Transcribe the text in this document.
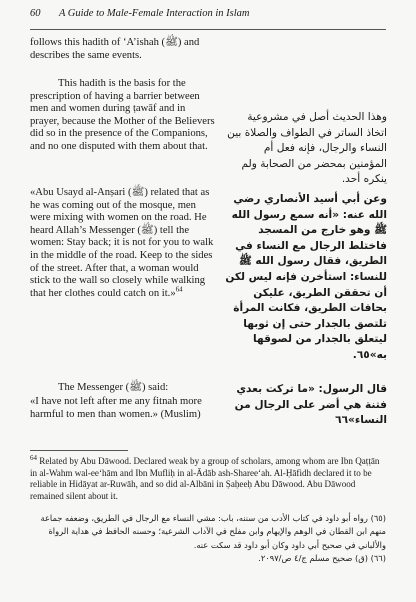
60 A Guide to Male-Female Interaction in Islam

follows this hadith of ‘A’ishah (ﷺ) and describes the same events.

This hadith is the basis for the prescription of having a barrier between men and women during ṭawāf and in prayer, because the Mother of the Believers did so in the presence of the Companions, and no one disputed with them about that.

«Abu Usayd al-Anṣari (ﷺ) related that as he was coming out of the mosque, men were mixing with women on the road. He heard Allah’s Messenger (ﷺ) tell the women: Stay back; it is not for you to walk in the middle of the road. Keep to the sides of the street. After that, a woman would stick to the wall so closely while walking that her clothes could catch on it.»$^{64}$

The Messenger (ﷺ) said:

«I have not left after me any fitnah more harmful to men than women.» (Muslim)

وهذا الحديث أصل في مشروعية اتخاذ الساتر في الطواف والصلاة بين النساء والرجال، فإنه فعل أم المؤمنين بمحضر من الصحابة ولم ينكره أحد.

وعن أبي أسيد الأنصاري رضي الله عنه: «أنه سمع رسول الله ﷺ وهو خارج من المسجد فاختلط الرجال مع النساء في الطريق، فقال رسول الله ﷺ للنساء: استأخرن فإنه ليس لكن أن تحققن الطريق، عليكن بحافات الطريق، فكانت المرأة تلتصق بالجدار حتى إن ثوبها ليتعلق بالجدار من لصوقها به»٦٥.

قال الرسول: «ما تركت بعدي فتنة هي أضر على الرجال من النساء»٦٦

$^{64}$ Related by Abu Dāwood. Declared weak by a group of scholars, among whom are Ibn Qaṭṭān in al-Wahm wal-ee‘hām and Ibn Mufliḥ in al-Ādāb ash-Sharee‘ah. Al-Ḥāfidh declared it to be reliable in Hidāyat ar-Ruwāh, and so did al-Albāni in Ṣaḥeeḥ Abu Dāwood. Abu Dāwood remained silent about it.

(٦٥) رواه أبو داود في كتاب الأدب من سننه، باب: مشي النساء مع الرجال في الطريق، وضعفه جماعة منهم ابن القطان في الوهم والإيهام وابن مفلح في الآداب الشرعية؛ وحسنه الحافظ في هداية الرواة والألباني في صحيح أبي داود وكان أبو داود قد سكت عنه.

(٦٦) (ق) صحيح مسلم ج/٤ ص/٢٠٩٧.
